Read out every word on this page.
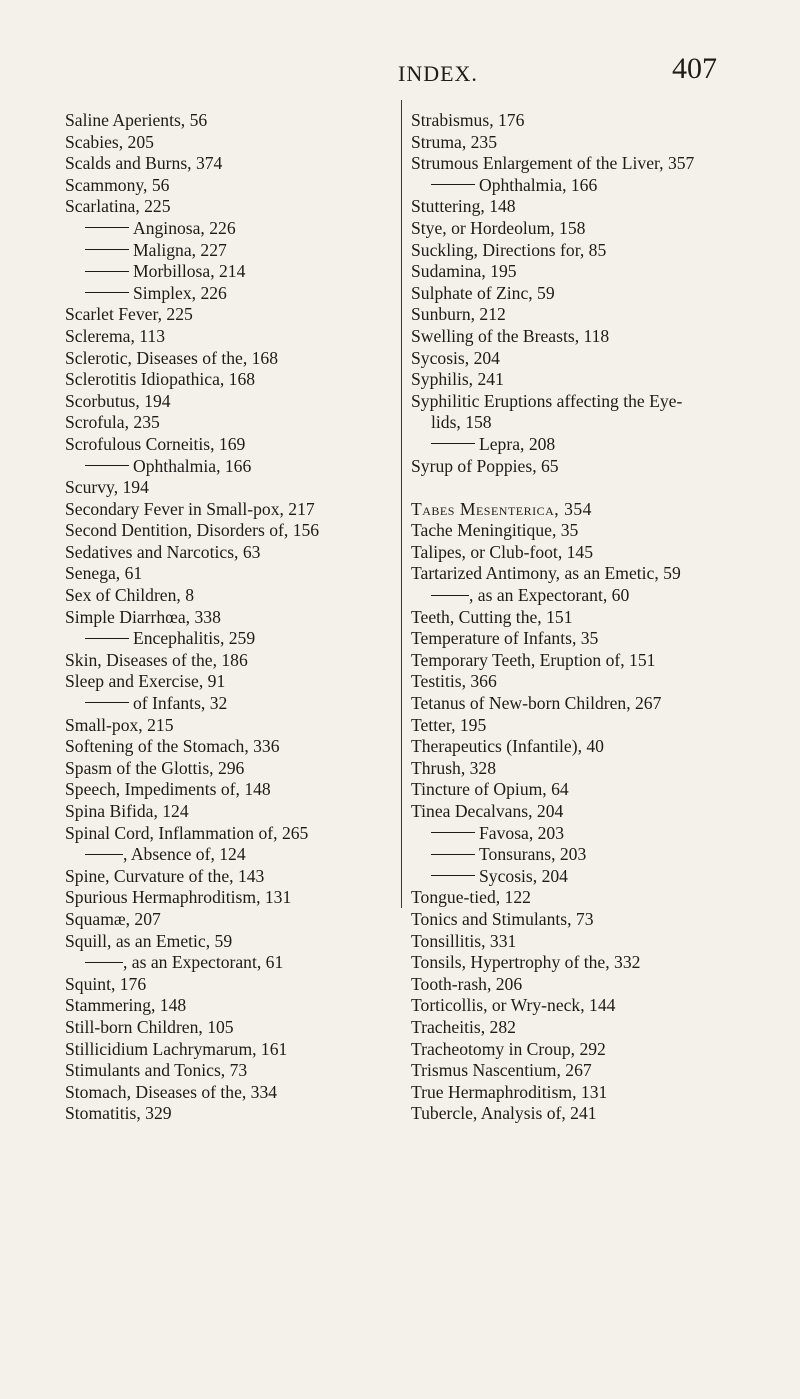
INDEX.	407
Saline Aperients, 56
Scabies, 205
Scalds and Burns, 374
Scammony, 56
Scarlatina, 225
Anginosa, 226
Maligna, 227
Morbillosa, 214
Simplex, 226
Scarlet Fever, 225
Sclerema, 113
Sclerotic, Diseases of the, 168
Sclerotitis Idiopathica, 168
Scorbutus, 194
Scrofula, 235
Scrofulous Corneitis, 169
Ophthalmia, 166
Scurvy, 194
Secondary Fever in Small-pox, 217
Second Dentition, Disorders of, 156
Sedatives and Narcotics, 63
Senega, 61
Sex of Children, 8
Simple Diarrhœa, 338
Encephalitis, 259
Skin, Diseases of the, 186
Sleep and Exercise, 91
of Infants, 32
Small-pox, 215
Softening of the Stomach, 336
Spasm of the Glottis, 296
Speech, Impediments of, 148
Spina Bifida, 124
Spinal Cord, Inflammation of, 265
, Absence of, 124
Spine, Curvature of the, 143
Spurious Hermaphroditism, 131
Squamæ, 207
Squill, as an Emetic, 59
, as an Expectorant, 61
Squint, 176
Stammering, 148
Still-born Children, 105
Stillicidium Lachrymarum, 161
Stimulants and Tonics, 73
Stomach, Diseases of the, 334
Stomatitis, 329
Strabismus, 176
Struma, 235
Strumous Enlargement of the Liver, 357
Ophthalmia, 166
Stuttering, 148
Stye, or Hordeolum, 158
Suckling, Directions for, 85
Sudamina, 195
Sulphate of Zinc, 59
Sunburn, 212
Swelling of the Breasts, 118
Sycosis, 204
Syphilis, 241
Syphilitic Eruptions affecting the Eye-
lids, 158
Lepra, 208
Syrup of Poppies, 65
Tabes Mesenterica, 354
Tache Meningitique, 35
Talipes, or Club-foot, 145
Tartarized Antimony, as an Emetic, 59
, as an Expectorant, 60
Teeth, Cutting the, 151
Temperature of Infants, 35
Temporary Teeth, Eruption of, 151
Testitis, 366
Tetanus of New-born Children, 267
Tetter, 195
Therapeutics (Infantile), 40
Thrush, 328
Tincture of Opium, 64
Tinea Decalvans, 204
Favosa, 203
Tonsurans, 203
Sycosis, 204
Tongue-tied, 122
Tonics and Stimulants, 73
Tonsillitis, 331
Tonsils, Hypertrophy of the, 332
Tooth-rash, 206
Torticollis, or Wry-neck, 144
Tracheitis, 282
Tracheotomy in Croup, 292
Trismus Nascentium, 267
True Hermaphroditism, 131
Tubercle, Analysis of, 241
